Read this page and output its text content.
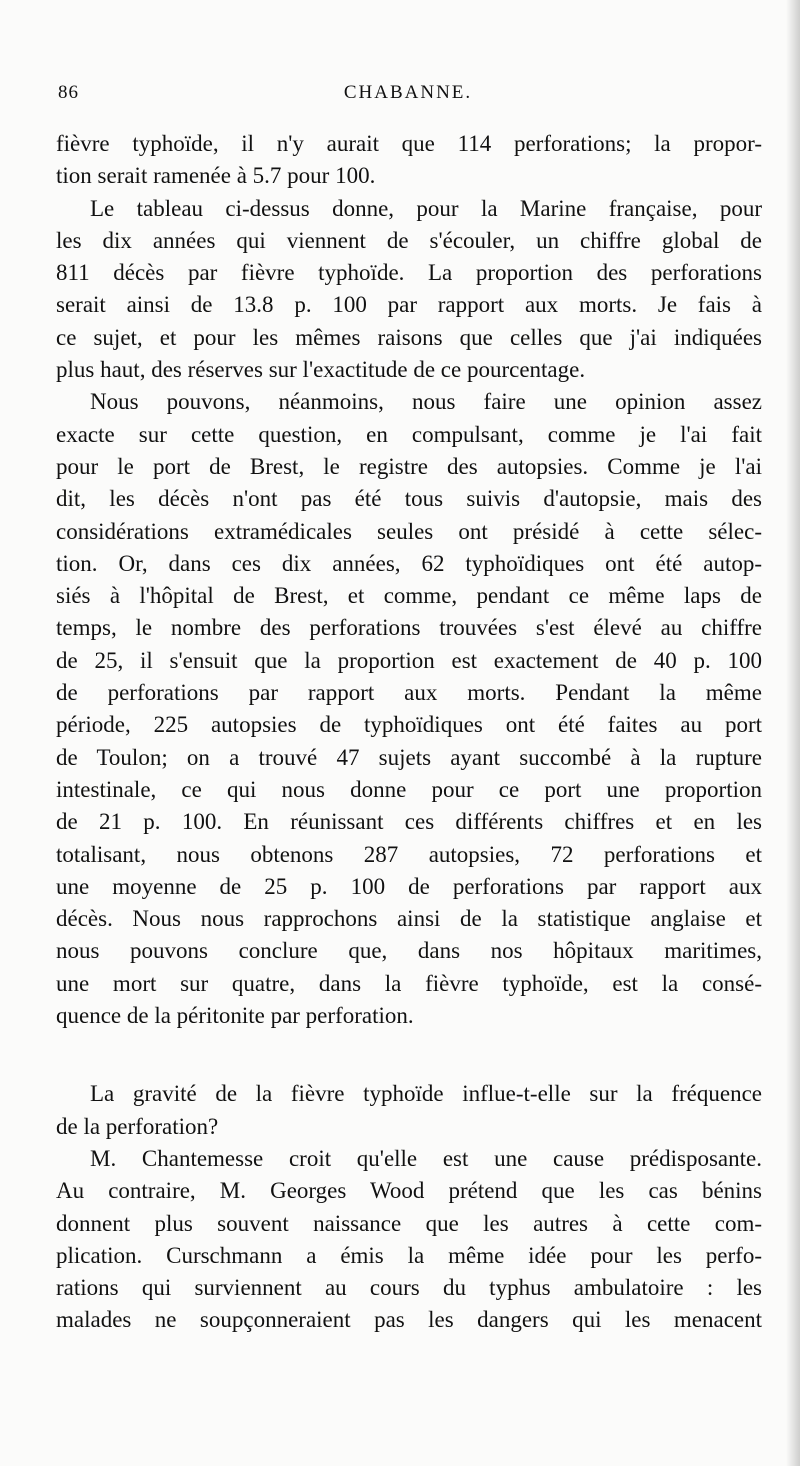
86	CHABANNE.
fièvre typhoïde, il n'y aurait que 114 perforations; la propor-
tion serait ramenée à 5.7 pour 100.
Le tableau ci-dessus donne, pour la Marine française, pour
les dix années qui viennent de s'écouler, un chiffre global de
811 décès par fièvre typhoïde. La proportion des perforations
serait ainsi de 13.8 p. 100 par rapport aux morts. Je fais à
ce sujet, et pour les mêmes raisons que celles que j'ai indiquées
plus haut, des réserves sur l'exactitude de ce pourcentage.
Nous pouvons, néanmoins, nous faire une opinion assez
exacte sur cette question, en compulsant, comme je l'ai fait
pour le port de Brest, le registre des autopsies. Comme je l'ai
dit, les décès n'ont pas été tous suivis d'autopsie, mais des
considérations extramédicales seules ont présidé à cette sélec-
tion. Or, dans ces dix années, 62 typhoïdiques ont été autop-
siés à l'hôpital de Brest, et comme, pendant ce même laps de
temps, le nombre des perforations trouvées s'est élevé au chiffre
de 25, il s'ensuit que la proportion est exactement de 40 p. 100
de perforations par rapport aux morts. Pendant la même
période, 225 autopsies de typhoïdiques ont été faites au port
de Toulon; on a trouvé 47 sujets ayant succombé à la rupture
intestinale, ce qui nous donne pour ce port une proportion
de 21 p. 100. En réunissant ces différents chiffres et en les
totalisant, nous obtenons 287 autopsies, 72 perforations et
une moyenne de 25 p. 100 de perforations par rapport aux
décès. Nous nous rapprochons ainsi de la statistique anglaise et
nous pouvons conclure que, dans nos hôpitaux maritimes,
une mort sur quatre, dans la fièvre typhoïde, est la consé-
quence de la péritonite par perforation.
La gravité de la fièvre typhoïde influe-t-elle sur la fréquence
de la perforation?
M. Chantemesse croit qu'elle est une cause prédisposante.
Au contraire, M. Georges Wood prétend que les cas bénins
donnent plus souvent naissance que les autres à cette com-
plication. Curschmann a émis la même idée pour les perfo-
rations qui surviennent au cours du typhus ambulatoire : les
malades ne soupçonneraient pas les dangers qui les menacent
